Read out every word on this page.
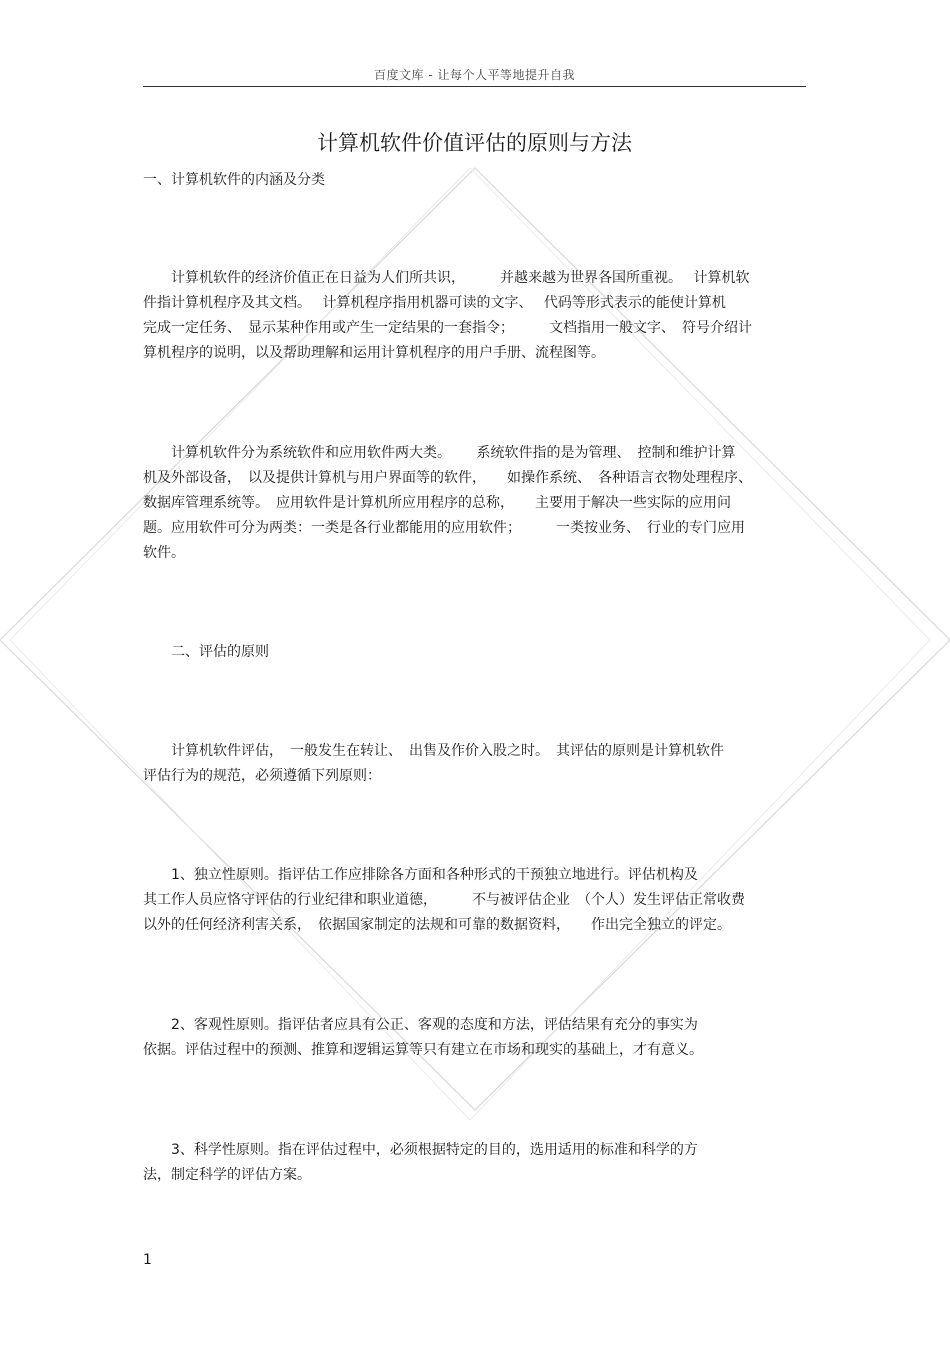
百度文库 - 让每个人平等地提升自我
计算机软件价值评估的原则与方法
一、计算机软件的内涵及分类
　　计算机软件的经济价值正在日益为人们所共识，　　　并越来越为世界各国所重视。　 计算机软
件指计算机程序及其文档。　 计算机程序指用机器可读的文字、　 代码等形式表示的能使计算机
完成一定任务、　显示某种作用或产生一定结果的一套指令；　　　文档指用一般文字、　符号介绍计
算机程序的说明，以及帮助理解和运用计算机程序的用户手册、流程图等。
　　计算机软件分为系统软件和应用软件两大类。　　 系统软件指的是为管理、　控制和维护计算
机及外部设备，　以及提供计算机与用户界面等的软件，　　如操作系统、　各种语言衣物处理程序、
数据库管理系统等。　应用软件是计算机所应用程序的总称，　　主要用于解决一些实际的应用问
题。应用软件可分为两类：一类是各行业都能用的应用软件；　　　一类按业务、　行业的专门应用
软件。
　　二、评估的原则
　　计算机软件评估，　一般发生在转让、　出售及作价入股之时。　其评估的原则是计算机软件
评估行为的规范，必须遵循下列原则：
　　1、独立性原则。指评估工作应排除各方面和各种形式的干预独立地进行。评估机构及
其工作人员应恪守评估的行业纪律和职业道德，　　　不与被评估企业　（个人）发生评估正常收费
以外的任何经济利害关系，　依据国家制定的法规和可靠的数据资料，　　作出完全独立的评定。
　　2、客观性原则。指评估者应具有公正、客观的态度和方法，评估结果有充分的事实为
依据。评估过程中的预测、推算和逻辑运算等只有建立在市场和现实的基础上，才有意义。
　　3、科学性原则。指在评估过程中，必须根据特定的目的，选用适用的标准和科学的方
法，制定科学的评估方案。
1
